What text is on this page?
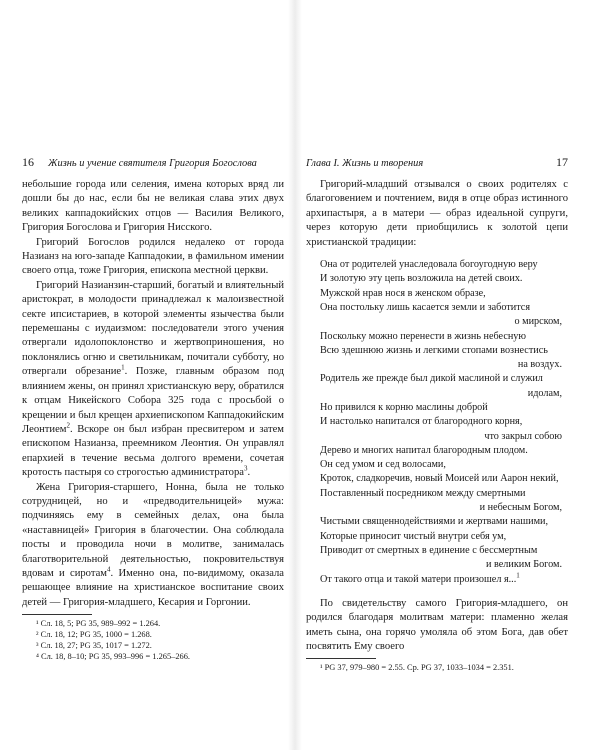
16 Жизнь и учение святителя Григория Богослова

небольшие города или селения, имена которых вряд ли дошли бы до нас, если бы не великая слава этих двух великих каппадокийских отцов — Василия Великого, Григория Богослова и Григория Нисского.

Григорий Богослов родился недалеко от города Назианз на юго-западе Каппадокии, в фамильном имении своего отца, тоже Григория, епископа местной церкви.

Григорий Назианзин-старший, богатый и влиятельный аристократ, в молодости принадлежал к малоизвестной секте ипсистариев, в которой элементы язычества были перемешаны с иудаизмом: последователи этого учения отвергали идолопоклонство и жертвоприношения, но поклонялись огню и светильникам, почитали субботу, но отвергали обрезание$^1$. Позже, главным образом под влиянием жены, он принял христианскую веру, обратился к отцам Никейского Собора 325 года с просьбой о крещении и был крещен архиепископом Каппадокийским Леонтием$^2$. Вскоре он был избран пресвитером и затем епископом Назианза, преемником Леонтия. Он управлял епархией в течение весьма долгого времени, сочетая кротость пастыря со строгостью администратора$^3$.

Жена Григория-старшего, Нонна, была не только сотрудницей, но и «предводительницей» мужа: подчиняясь ему в семейных делах, она была «наставницей» Григория в благочестии. Она соблюдала посты и проводила ночи в молитве, занималась благотворительной деятельностью, покровительствуя вдовам и сиротам$^4$. Именно она, по-видимому, оказала решающее влияние на христианское воспитание своих детей — Григория-младшего, Кесария и Горгонии.

¹ Сл. 18, 5; PG 35, 989–992 = 1.264.
² Сл. 18, 12; PG 35, 1000 = 1.268.
³ Сл. 18, 27; PG 35, 1017 = 1.272.
⁴ Сл. 18, 8–10; PG 35, 993–996 = 1.265–266.
Глава I. Жизнь и творения	17

Григорий-младший отзывался о своих родителях с благоговением и почтением, видя в отце образ истинного архипастыря, а в матери — образ идеальной супруги, через которую дети приобщились к золотой цепи христианской традиции:

Она от родителей унаследовала богоугодную веру
И золотую эту цепь возложила на детей своих.
Мужской нрав нося в женском образе,
Она постольку лишь касается земли и заботится
о мирском,
Поскольку можно перенести в жизнь небесную
Всю здешнюю жизнь и легкими стопами вознестись
на воздух.
Родитель же прежде был дикой маслиной и служил
идолам,
Но привился к корню маслины доброй
И настолько напитался от благородного корня,
что закрыл собою
Дерево и многих напитал благородным плодом.
Он сед умом и сед волосами,
Кроток, сладкоречив, новый Моисей или Аарон некий,
Поставленный посредником между смертными
и небесным Богом,
Чистыми священнодействиями и жертвами нашими,
Которые приносит чистый внутри себя ум,
Приводит от смертных в единение с бессмертным
и великим Богом.
От такого отца и такой матери произошел я...$^1$

По свидетельству самого Григория-младшего, он родился благодаря молитвам матери: пламенно желая иметь сына, она горячо умоляла об этом Бога, дав обет посвятить Ему своего

¹ PG 37, 979–980 = 2.55. Ср. PG 37, 1033–1034 = 2.351.
